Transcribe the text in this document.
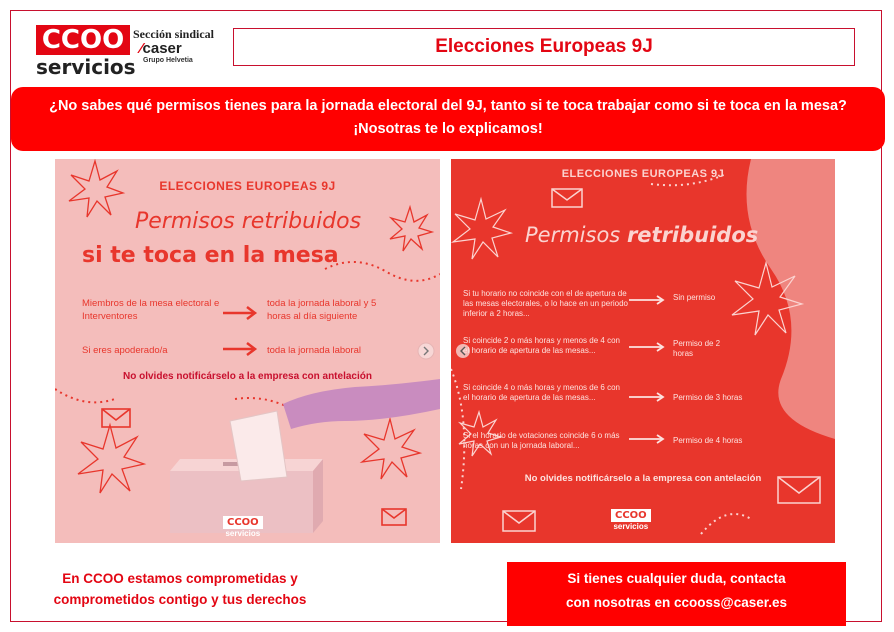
CCOO
servicios
Sección sindical
⁄caser
Grupo Helvetia
Elecciones Europeas 9J
¿No sabes qué permisos tienes para la jornada electoral del 9J, tanto si te toca trabajar como si te toca en la mesa?
¡Nosotras te lo explicamos!
ELECCIONES EUROPEAS 9J
Permisos retribuidos
si te toca en la mesa
Miembros de la mesa electoral e Interventores
toda la jornada laboral y 5 horas al día siguiente
Si eres apoderado/a	toda la jornada laboral
No olvides notificárselo a la empresa con antelación
CCOO
servicios
ELECCIONES EUROPEAS 9J
Permisos retribuidos
Si tu horario no coincide con el de apertura de las mesas electorales, o lo hace en un periodo inferior a 2 horas...
Sin permiso
Si coincide 2 o más horas y menos de 4 con el horario de apertura de las mesas...
Permiso de 2 horas
Si coincide 4 o más horas y menos de 6 con el horario de apertura de las mesas...	Permiso de 3 horas
Si el horario de votaciones coincide 6 o más horas con un la jornada laboral...
Permiso de 4 horas
No olvides notificárselo a la empresa con antelación
CCOO
servicios
En CCOO estamos comprometidas y
comprometidos contigo y tus derechos
Si tienes cualquier duda, contacta
con nosotras en ccooss@caser.es
